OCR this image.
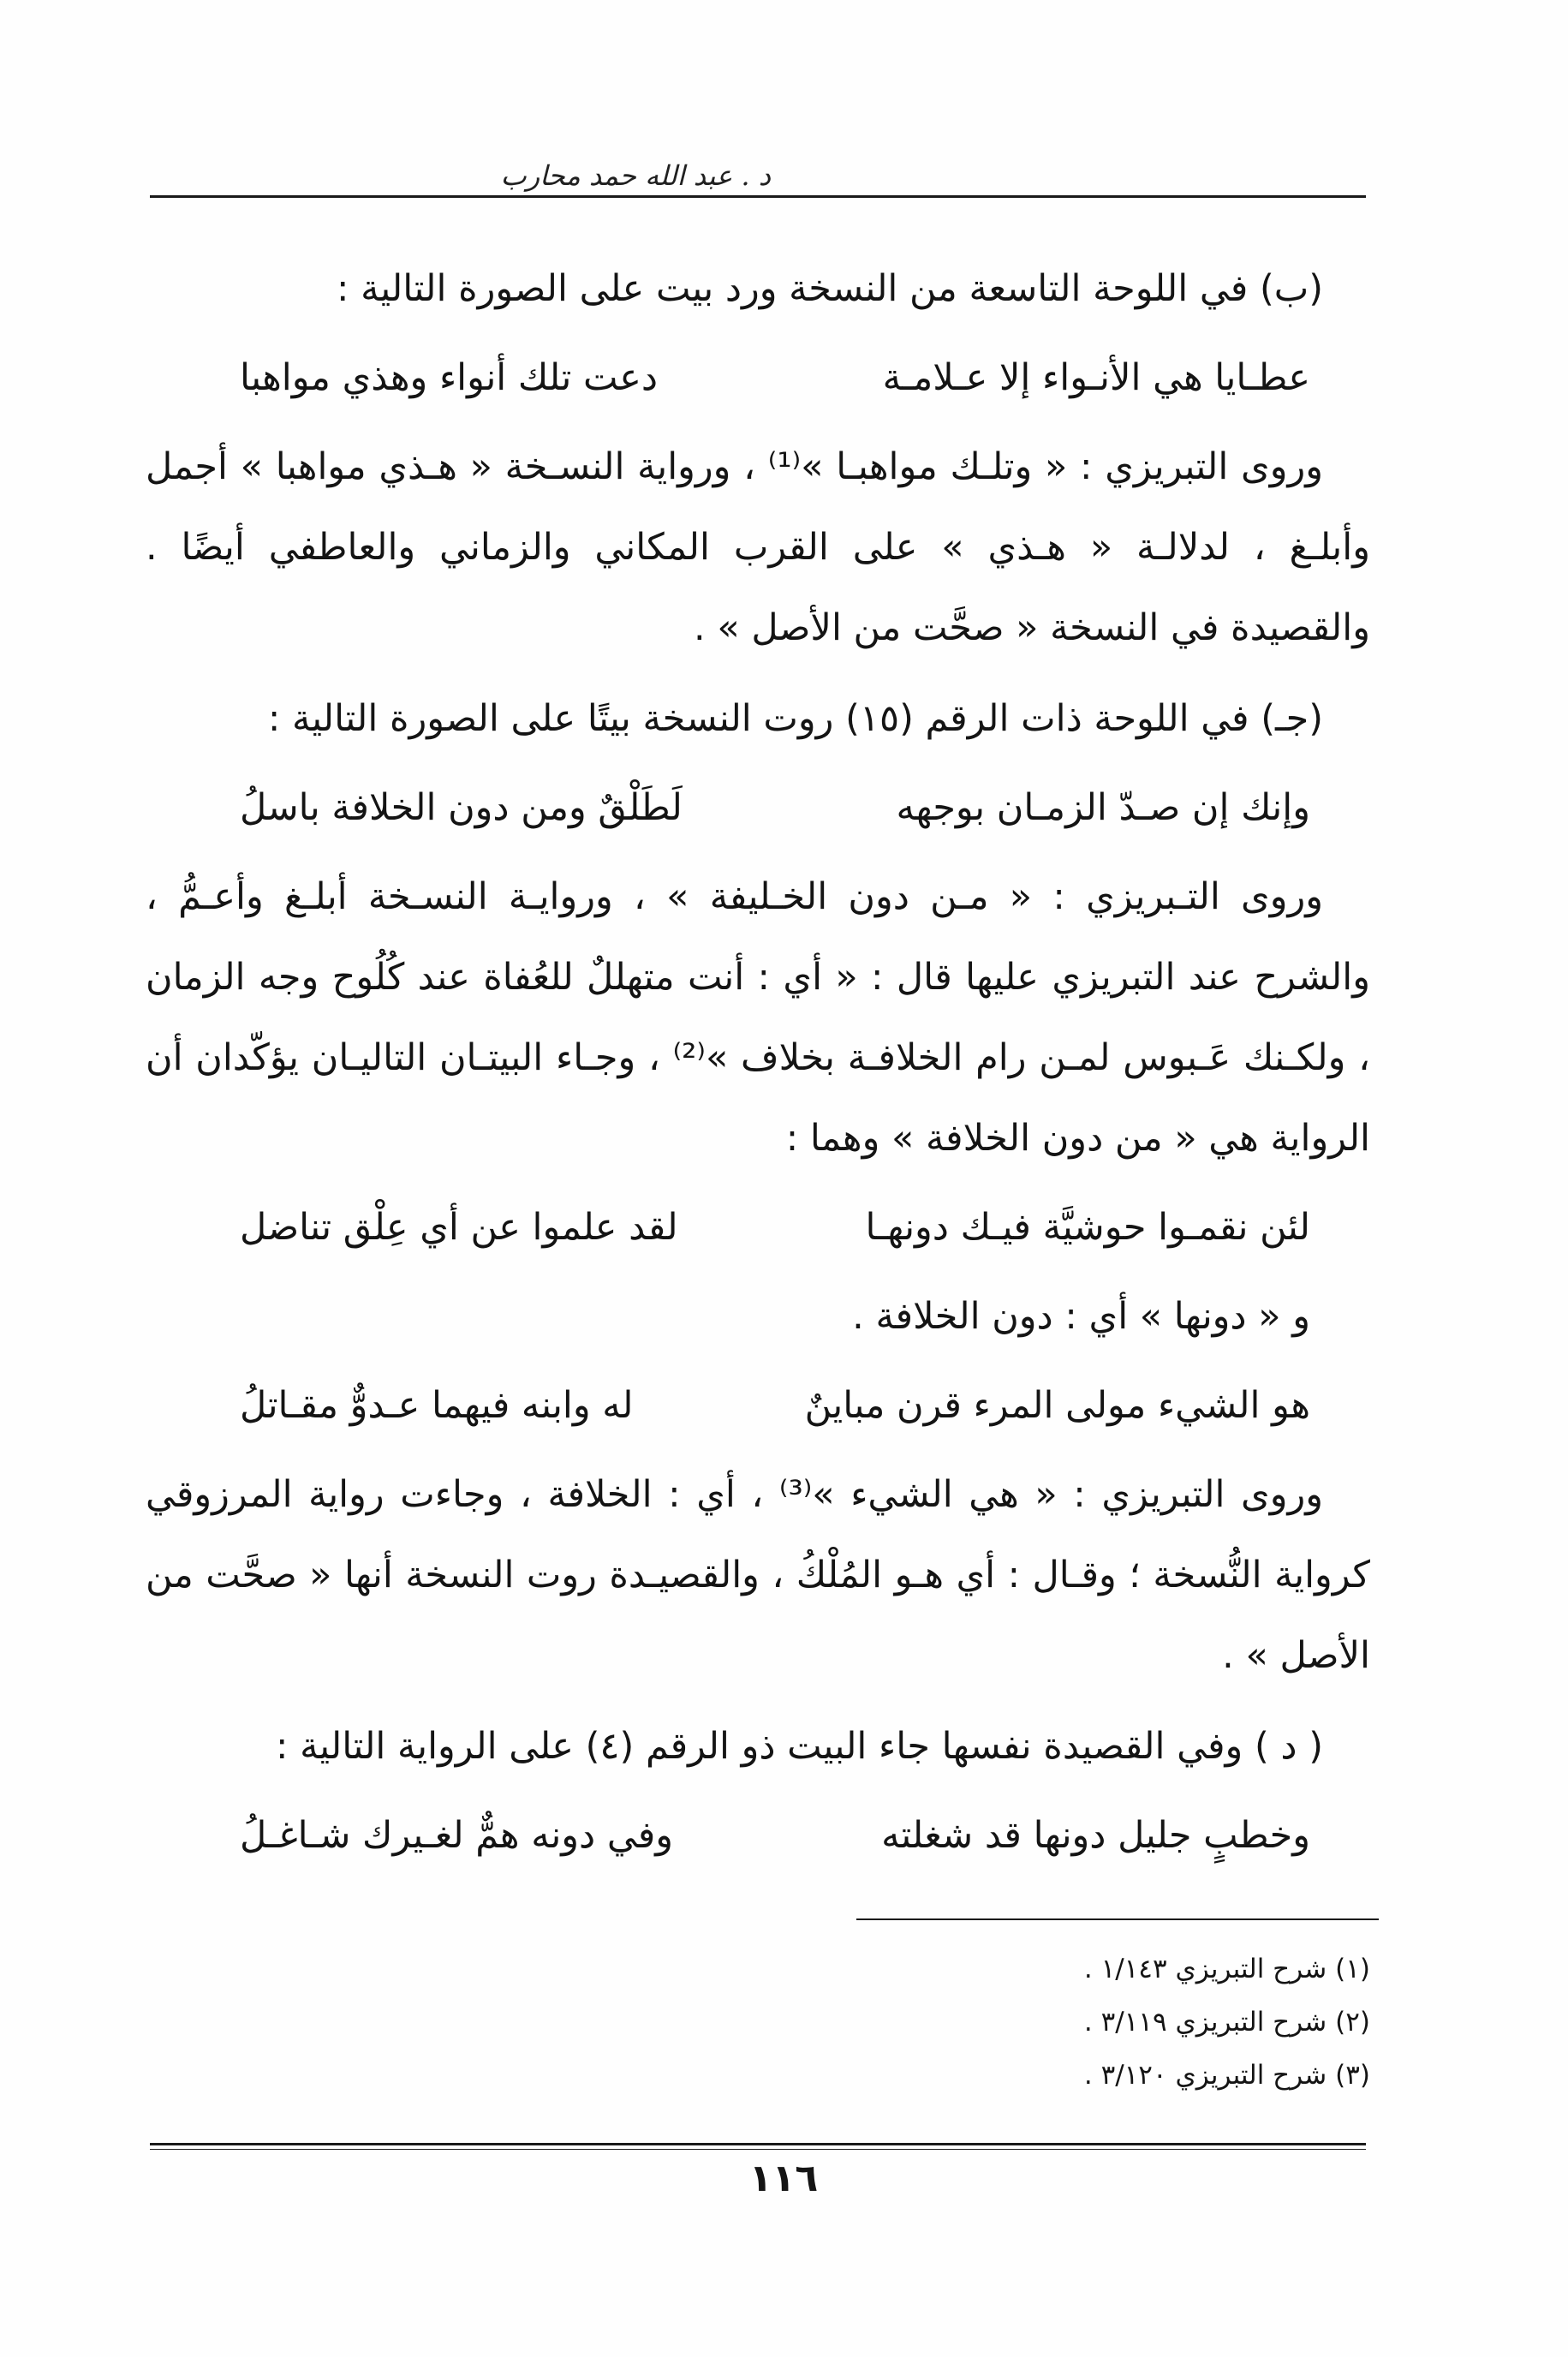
د . عبد الله حمد محارب

(ب) في اللوحة التاسعة من النسخة ورد بيت على الصورة التالية :

عطـايا هي الأنـواء إلا عـلامـة
دعت تلك أنواء وهذي مواهبا

وروى التبريزي : « وتلـك مواهبـا »⁽¹⁾ ، ورواية النسـخة « هـذي مواهبا » أجمل وأبلـغ ، لدلالـة « هـذي » على القرب المكاني والزماني والعاطفي أيضًا . والقصيدة في النسخة « صحَّت من الأصل » .

(جـ) في اللوحة ذات الرقم (١٥) روت النسخة بيتًا على الصورة التالية :

وإنك إن صـدّ الزمـان بوجهه
لَطَلْقٌ ومن دون الخلافة باسلُ

وروى التـبريزي : « مـن دون الخـليفة » ، وروايـة النسـخة أبلـغ وأعـمُّ ، والشرح عند التبريزي عليها قال : « أي : أنت متهللٌ للعُفاة عند كُلُوح وجه الزمان ، ولكـنك عَـبوس لمـن رام الخلافـة بخلاف »⁽²⁾ ، وجـاء البيتـان التاليـان يؤكّدان أن الرواية هي « من دون الخلافة » وهما :

لئن نقمـوا حوشيَّة فيـك دونهـا
لقد علموا عن أي عِلْق تناضل
و « دونها » أي : دون الخلافة .
هو الشيء مولى المرء قرن مباينٌ
له وابنه فيهما عـدوٌّ مقـاتلُ

وروى التبريزي : « هي الشيء »⁽³⁾ ، أي : الخلافة ، وجاءت رواية المرزوقي كرواية النُّسخة ؛ وقـال : أي هـو المُلْكُ ، والقصيـدة روت النسخة أنها « صحَّت من الأصل » .

( د ) وفي القصيدة نفسها جاء البيت ذو الرقم (٤) على الرواية التالية :

وخطبٍ جليل دونها قد شغلته
وفي دونه همٌّ لغـيرك شـاغـلُ

(١) شرح التبريزي ١/١٤٣ .

(٢) شرح التبريزي ٣/١١٩ .

(٣) شرح التبريزي ٣/١٢٠ .

١١٦
